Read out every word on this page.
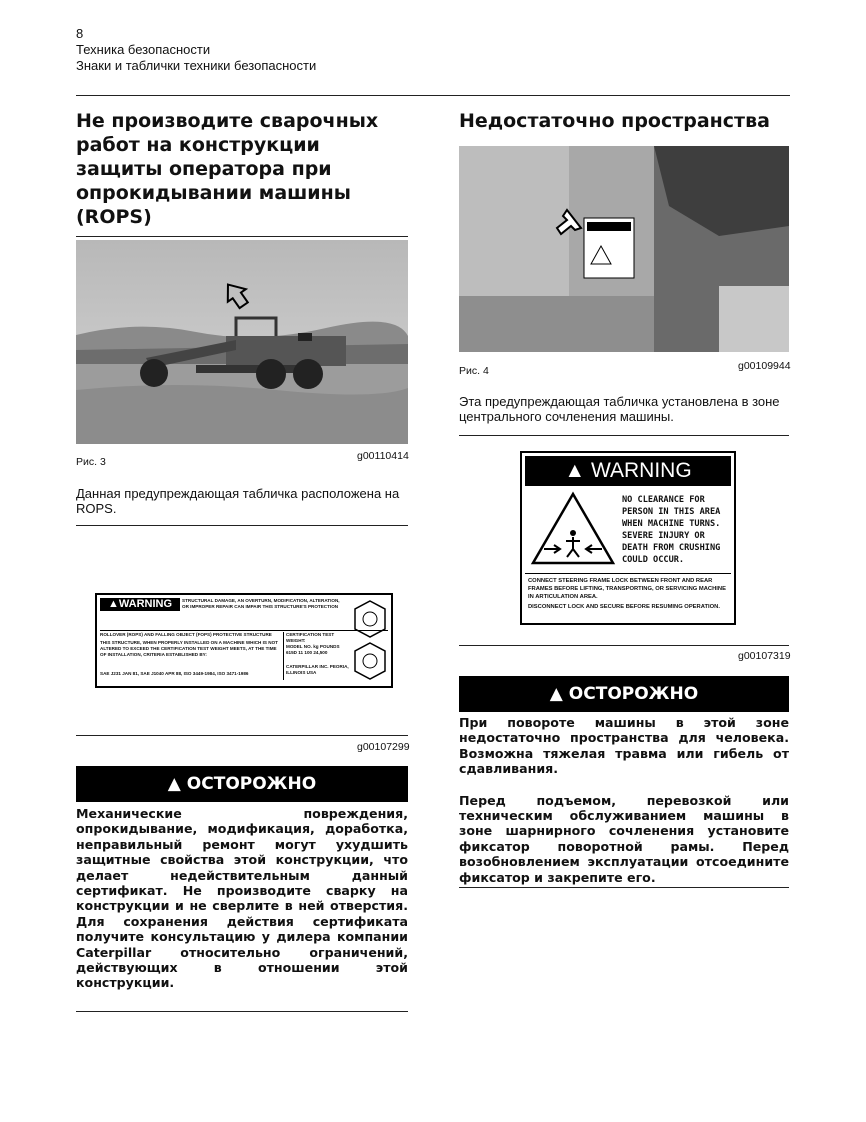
8
Техника безопасности
Знаки и таблички техники безопасности
Не производите сварочных работ на конструкции защиты оператора при опрокидывании машины (ROPS)
Рис. 3	g00110414
Данная предупреждающая табличка расположена на ROPS.
▲WARNING	STRUCTURAL DAMAGE, AN OVERTURN, MODIFICATION, ALTERATION, OR IMPROPER REPAIR CAN IMPAIR THIS STRUCTURE'S PROTECTION
ROLLOVER (ROPS) AND FALLING OBJECT (FOPS) PROTECTIVE STRUCTURE
THIS STRUCTURE, WHEN PROPERLY INSTALLED ON A MACHINE WHICH IS NOT ALTERED TO EXCEED THE CERTIFICATION TEST WEIGHT MEETS, AT THE TIME OF INSTALLATION, CRITERIA ESTABLISHED BY:
SAE J231 JAN 81, SAE J1040 APR 88, ISO 3449-1984, ISO 3471-1986
CERTIFICATION TEST WEIGHT:
MODEL NO. kg POUNDS
615D 11 100 24,500
CATERPILLAR INC. PEORIA, ILLINOIS USA
g00107299
▲ ОСТОРОЖНО
Механические повреждения, опрокидывание, модификация, доработка, неправильный ремонт могут ухудшить защитные свойства этой конструкции, что делает недействительным данный сертификат. Не производите сварку на конструкции и не сверлите в ней отверстия. Для сохранения действия сертификата получите консультацию у дилера компании Caterpillar относительно ограничений, действующих в отношении этой конструкции.
Недостаточно пространства
Рис. 4	g00109944
Эта предупреждающая табличка установлена в зоне центрального сочленения машины.
▲ WARNING
NO CLEARANCE FOR
PERSON IN THIS AREA
WHEN MACHINE TURNS.
SEVERE INJURY OR
DEATH FROM CRUSHING
COULD OCCUR.
CONNECT STEERING FRAME LOCK BETWEEN FRONT AND REAR FRAMES BEFORE LIFTING, TRANSPORTING, OR SERVICING MACHINE IN ARTICULATION AREA.
DISCONNECT LOCK AND SECURE BEFORE RESUMING OPERATION.
g00107319
▲ ОСТОРОЖНО

При повороте машины в этой зоне недостаточно пространства для человека. Возможна тяжелая травма или гибель от сдавливания.

Перед подъемом, перевозкой или техническим обслуживанием машины в зоне шарнирного сочленения установите фиксатор поворотной рамы. Перед возобновлением эксплуатации отсоедините фиксатор и закрепите его.
